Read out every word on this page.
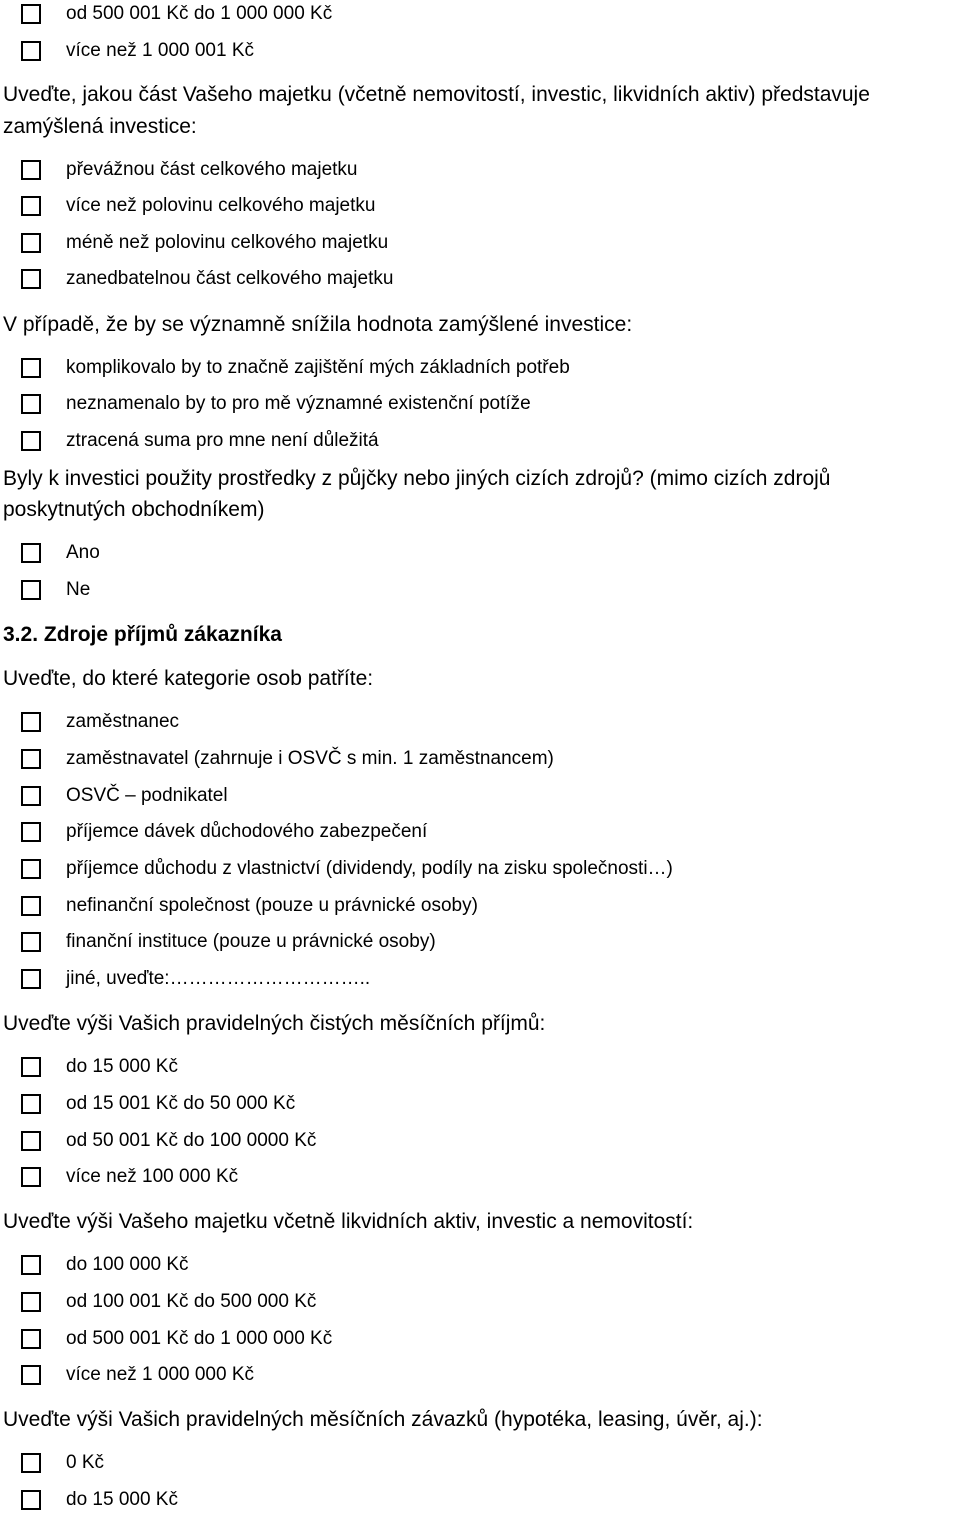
od 500 001 Kč do 1 000 000 Kč
více než 1 000 001 Kč
Uveďte, jakou část Vašeho majetku (včetně nemovitostí, investic, likvidních aktiv) představuje
zamýšlená investice:
převážnou část celkového majetku
více než polovinu celkového majetku
méně než polovinu celkového majetku
zanedbatelnou část celkového majetku
V případě, že by se významně snížila hodnota zamýšlené investice:
komplikovalo by to značně zajištění mých základních potřeb
neznamenalo by to pro mě významné existenční potíže
ztracená suma pro mne není důležitá
Byly k investici použity prostředky z půjčky nebo jiných cizích zdrojů? (mimo cizích zdrojů
poskytnutých obchodníkem)
Ano
Ne
3.2. Zdroje příjmů zákazníka
Uveďte, do které kategorie osob patříte:
zaměstnanec
zaměstnavatel (zahrnuje i OSVČ s min. 1 zaměstnancem)
OSVČ – podnikatel
příjemce dávek důchodového zabezpečení
příjemce důchodu z vlastnictví (dividendy, podíly na zisku společnosti…)
nefinanční společnost (pouze u právnické osoby)
finanční instituce (pouze u právnické osoby)
jiné, uveďte:…………………………..
Uveďte výši Vašich pravidelných čistých měsíčních příjmů:
do 15 000 Kč
od 15 001 Kč do 50 000 Kč
od 50 001 Kč do 100 0000 Kč
více než 100 000 Kč
Uveďte výši Vašeho majetku včetně likvidních aktiv, investic a nemovitostí:
do 100 000 Kč
od 100 001 Kč do 500 000 Kč
od 500 001 Kč do 1 000 000 Kč
více než 1 000 000 Kč
Uveďte výši Vašich pravidelných měsíčních závazků (hypotéka, leasing, úvěr, aj.):
0 Kč
do 15 000 Kč
